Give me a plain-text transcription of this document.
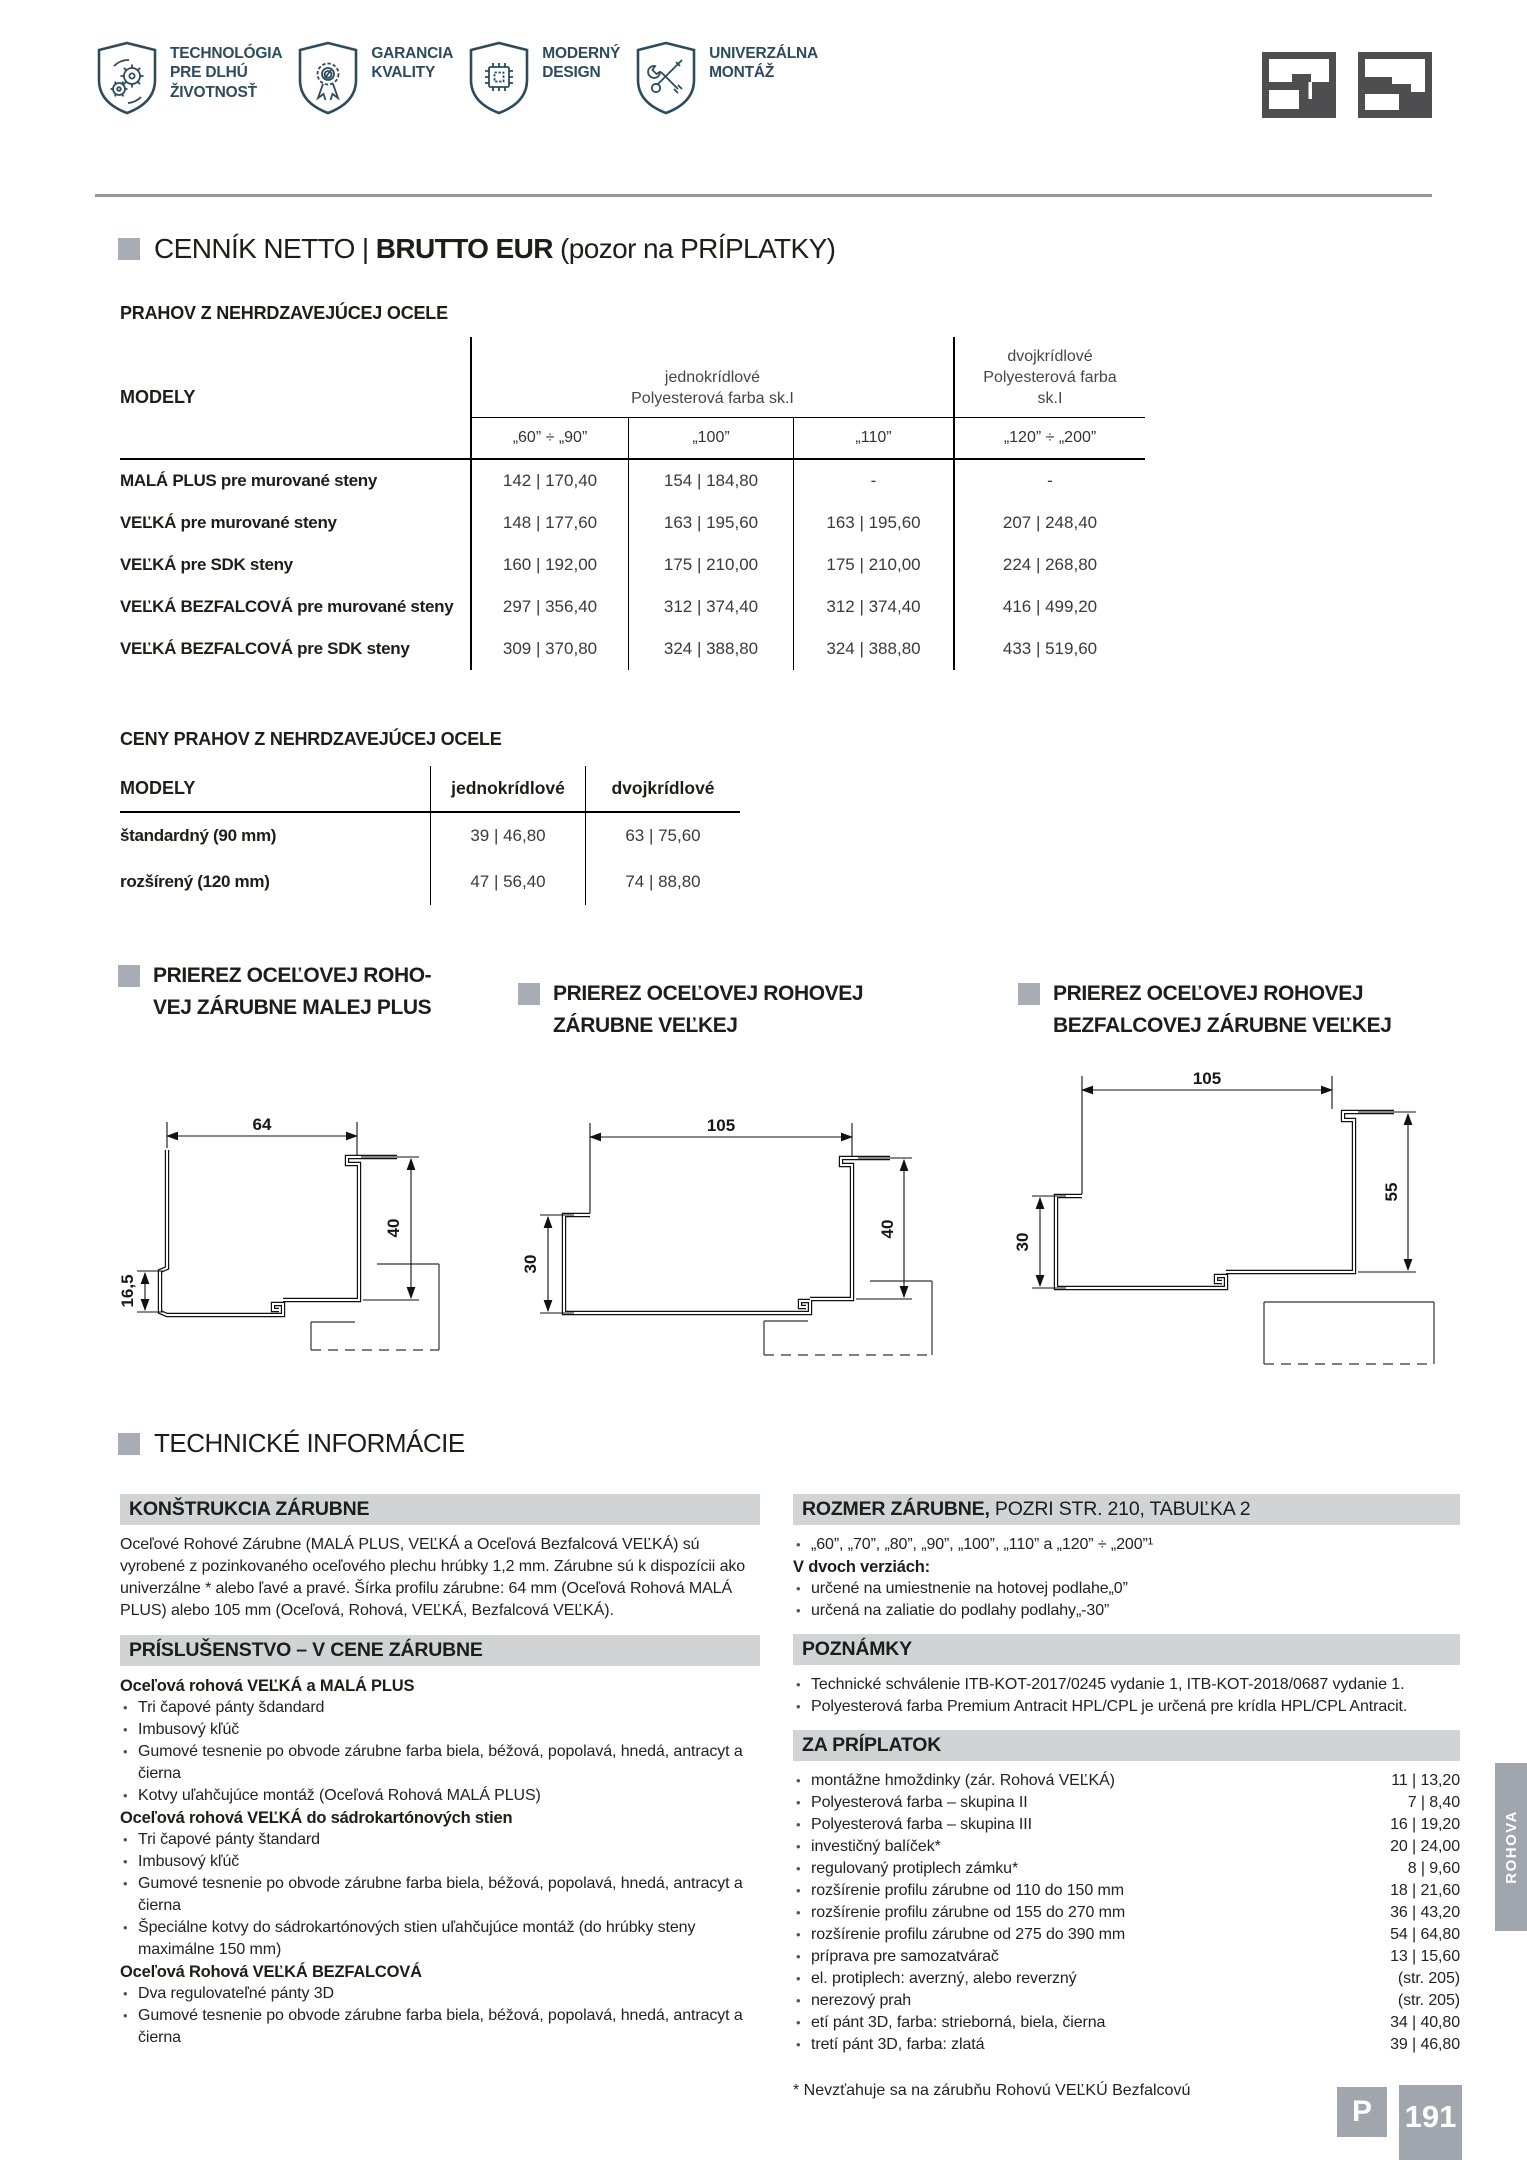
TECHNOLÓGIA
PRE DLHÚ
ŽIVOTNOSŤ
GARANCIA
KVALITY
MODERNÝ
DESIGN
UNIVERZÁLNA
MONTÁŽ
CENNÍK NETTO | BRUTTO EUR (pozor na PRÍPLATKY)
PRAHOV Z NEHRDZAVEJÚCEJ OCELE
MODELY
jednokrídlové
Polyesterová farba sk.I
dvojkrídlové
Polyesterová farba
sk.I
„60” ÷ „90”	„100”	„110”	„120” ÷ „200”
MALÁ PLUS pre murované steny	142 | 170,40	154 | 184,80	-	-
VEĽKÁ pre murované steny	148 | 177,60	163 | 195,60	163 | 195,60	207 | 248,40
VEĽKÁ pre SDK steny	160 | 192,00	175 | 210,00	175 | 210,00	224 | 268,80
VEĽKÁ BEZFALCOVÁ pre murované steny	297 | 356,40	312 | 374,40	312 | 374,40	416 | 499,20
VEĽKÁ BEZFALCOVÁ pre SDK steny	309 | 370,80	324 | 388,80	324 | 388,80	433 | 519,60
CENY PRAHOV Z NEHRDZAVEJÚCEJ OCELE
MODELY	jednokrídlové	dvojkrídlové
štandardný (90 mm)	39 | 46,80	63 | 75,60
rozšírený (120 mm)	47 | 56,40	74 | 88,80
PRIEREZ OCEĽOVEJ ROHO-
VEJ ZÁRUBNE MALEJ PLUS
PRIEREZ OCEĽOVEJ ROHOVEJ
ZÁRUBNE VEĽKEJ
PRIEREZ OCEĽOVEJ ROHOVEJ
BEZFALCOVEJ ZÁRUBNE VEĽKEJ
64
40
16,5
105
40
30
105
55
30
TECHNICKÉ INFORMÁCIE
KONŠTRUKCIA ZÁRUBNE
Oceľové Rohové Zárubne (MALÁ PLUS, VEĽKÁ a Oceľová Bezfalcová VEĽKÁ) sú vyrobené z pozinkovaného oceľového plechu hrúbky 1,2 mm. Zárubne sú k dispozícii ako univerzálne * alebo ľavé a pravé. Šírka profilu zárubne: 64 mm (Oceľová Rohová MALÁ PLUS) alebo 105 mm (Oceľová, Rohová, VEĽKÁ, Bezfalcová VEĽKÁ).
PRÍSLUŠENSTVO – V CENE ZÁRUBNE
Oceľová rohová VEĽKÁ a MALÁ PLUS
• Tri čapové pánty šdandard
• Imbusový kľúč
• Gumové tesnenie po obvode zárubne farba biela, béžová, popolavá, hnedá, antracyt a čierna
• Kotvy uľahčujúce montáž (Oceľová Rohová MALÁ PLUS)
Oceľová rohová VEĽKÁ do sádrokartónových stien
• Tri čapové pánty štandard
• Imbusový kľúč
• Gumové tesnenie po obvode zárubne farba biela, béžová, popolavá, hnedá, antracyt a čierna
• Špeciálne kotvy do sádrokartónových stien uľahčujúce montáž (do hrúbky steny maximálne 150 mm)
Oceľová Rohová VEĽKÁ BEZFALCOVÁ
• Dva regulovateľné pánty 3D
• Gumové tesnenie po obvode zárubne farba biela, béžová, popolavá, hnedá, antracyt a čierna
ROZMER ZÁRUBNE, POZRI STR. 210, TABUĽKA 2
• „60”, „70”, „80”, „90”, „100”, „110” a „120” ÷ „200”¹
V dvoch verziách:
• určené na umiestnenie na hotovej podlahe„0”
• určená na zaliatie do podlahy podlahy„-30”
POZNÁMKY
• Technické schválenie ITB-KOT-2017/0245 vydanie 1, ITB-KOT-2018/0687 vydanie 1.
• Polyesterová farba Premium Antracit HPL/CPL je určená pre krídla HPL/CPL Antracit.
ZA PRÍPLATOK
• montážne hmoždinky (zár. Rohová VEĽKÁ)	11 | 13,20
• Polyesterová farba – skupina II	7 | 8,40
• Polyesterová farba – skupina III	16 | 19,20
• investičný balíček*	20 | 24,00
• regulovaný protiplech zámku*	8 | 9,60
• rozšírenie profilu zárubne od 110 do 150 mm	18 | 21,60
• rozšírenie profilu zárubne od 155 do 270 mm	36 | 43,20
• rozšírenie profilu zárubne od 275 do 390 mm	54 | 64,80
• príprava pre samozatvárač	13 | 15,60
• el. protiplech: averzný, alebo reverzný	(str. 205)
• nerezový prah	(str. 205)
• etí pánt 3D, farba: strieborná, biela, čierna	34 | 40,80
• tretí pánt 3D, farba: zlatá	39 | 46,80
* Nevzťahuje sa na zárubňu Rohovú VEĽKÚ Bezfalcovú
ROHOVA
P 191
